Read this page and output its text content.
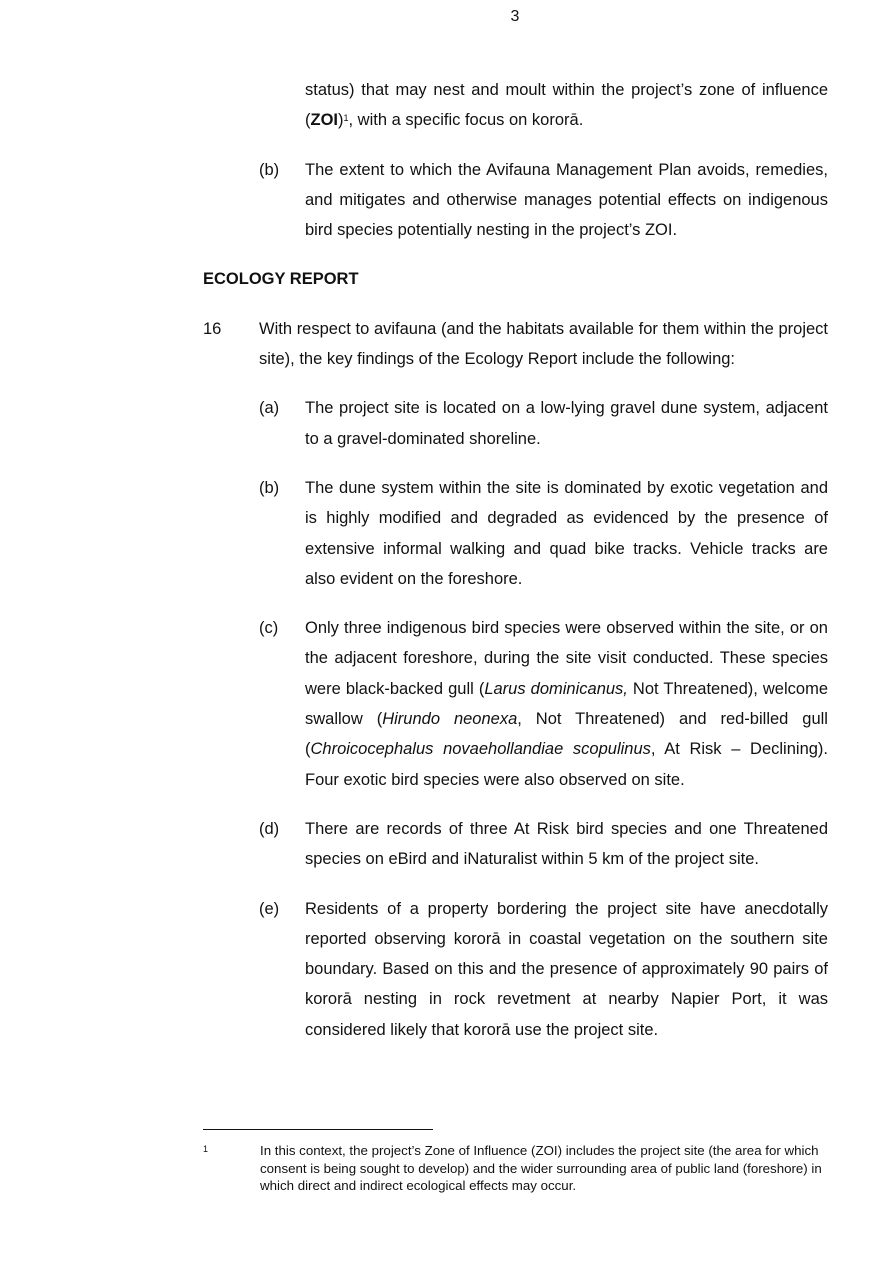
3
status) that may nest and moult within the project’s zone of influence (ZOI)$^1$, with a specific focus on kororā.
(b)	The extent to which the Avifauna Management Plan avoids, remedies, and mitigates and otherwise manages potential effects on indigenous bird species potentially nesting in the project’s ZOI.
ECOLOGY REPORT
16	With respect to avifauna (and the habitats available for them within the project site), the key findings of the Ecology Report include the following:
(a)	The project site is located on a low-lying gravel dune system, adjacent to a gravel-dominated shoreline.
(b)	The dune system within the site is dominated by exotic vegetation and is highly modified and degraded as evidenced by the presence of extensive informal walking and quad bike tracks. Vehicle tracks are also evident on the foreshore.
(c)	Only three indigenous bird species were observed within the site, or on the adjacent foreshore, during the site visit conducted. These species were black-backed gull (Larus dominicanus, Not Threatened), welcome swallow (Hirundo neonexa, Not Threatened) and red-billed gull (Chroicocephalus novaehollandiae scopulinus, At Risk – Declining). Four exotic bird species were also observed on site.
(d)	There are records of three At Risk bird species and one Threatened species on eBird and iNaturalist within 5 km of the project site.
(e)	Residents of a property bordering the project site have anecdotally reported observing kororā in coastal vegetation on the southern site boundary. Based on this and the presence of approximately 90 pairs of kororā nesting in rock revetment at nearby Napier Port, it was considered likely that kororā use the project site.
1	In this context, the project’s Zone of Influence (ZOI) includes the project site (the area for which consent is being sought to develop) and the wider surrounding area of public land (foreshore) in which direct and indirect ecological effects may occur.
